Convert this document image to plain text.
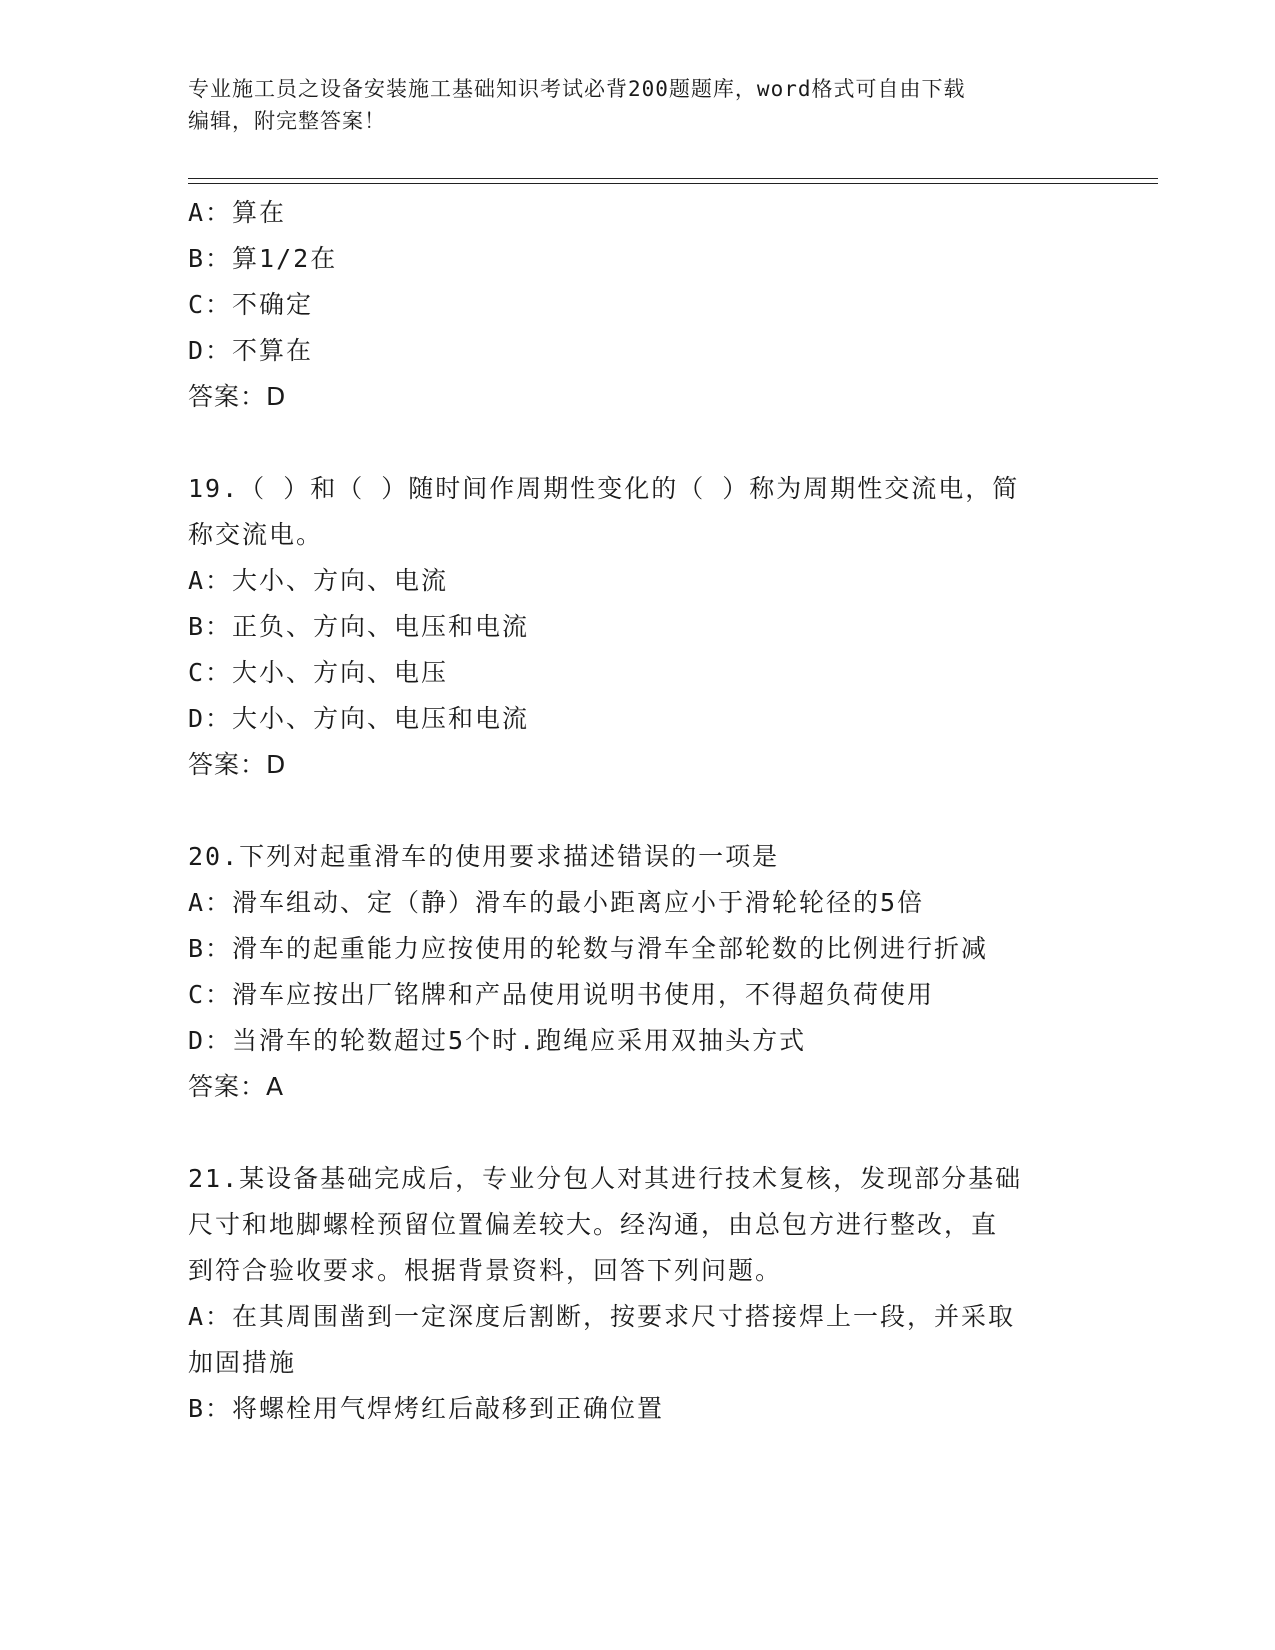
专业施工员之设备安装施工基础知识考试必背200题题库，word格式可自由下载
编辑，附完整答案！
A：算在
B：算1/2在
C：不确定
D：不算在
答案：D
19.（ ）和（ ）随时间作周期性变化的（ ）称为周期性交流电，简
称交流电。
A：大小、方向、电流
B：正负、方向、电压和电流
C：大小、方向、电压
D：大小、方向、电压和电流
答案：D
20.下列对起重滑车的使用要求描述错误的一项是
A：滑车组动、定（静）滑车的最小距离应小于滑轮轮径的5倍
B：滑车的起重能力应按使用的轮数与滑车全部轮数的比例进行折减
C：滑车应按出厂铭牌和产品使用说明书使用，不得超负荷使用
D：当滑车的轮数超过5个时.跑绳应采用双抽头方式
答案：A
21.某设备基础完成后，专业分包人对其进行技术复核，发现部分基础
尺寸和地脚螺栓预留位置偏差较大。经沟通，由总包方进行整改，直
到符合验收要求。根据背景资料，回答下列问题。
A：在其周围凿到一定深度后割断，按要求尺寸搭接焊上一段，并采取
加固措施
B：将螺栓用气焊烤红后敲移到正确位置
